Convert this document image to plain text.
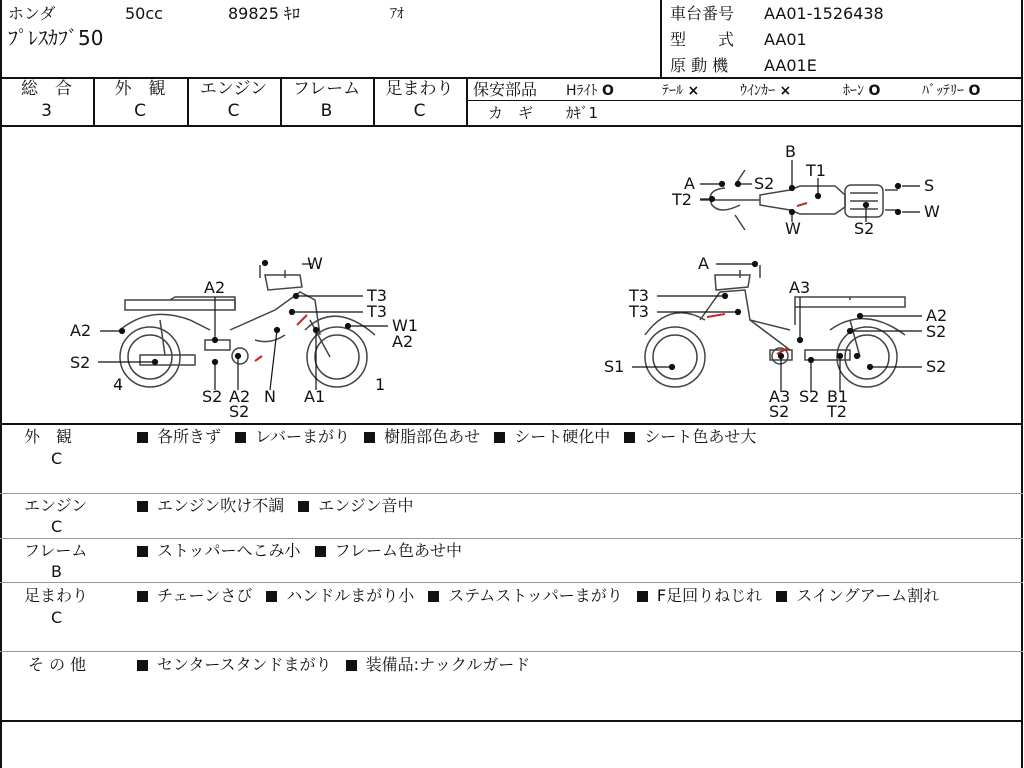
ホンダ	50cc	89825 ｷﾛ	ｱｵ
ﾌﾟﾚｽｶﾌﾞ50
車台番号 AA01-1526438
型　　式 AA01
原 動 機 AA01E
総　合
3
外　観
C
エンジン
C
フレーム
B
足まわり
C
保安部品 Hﾗｲﾄ O	ﾃｰﾙ ×	ｳｲﾝｶｰ ×	ﾎｰﾝ O	ﾊﾞｯﾃﾘｰ O
カ　ギ ｶｷﾞ1
B
T1
A	S2	S
T2
W
W	S2
W
A2	T3
T3
W1
A2
A2
S2
4	1
S2 A2
S2
N A1
A
T3
T3
A3
A2
S2
S1	S2
A3 S2 B1
S2 T2
外　観
C
各所きず レバーまがり 樹脂部色あせ シート硬化中 シート色あせ大
エンジン
C
エンジン吹け不調 エンジン音中
フレーム
B
ストッパーへこみ小 フレーム色あせ中
足まわり
C
チェーンさび ハンドルまがり小 ステムストッパーまがり F足回りねじれ スイングアーム割れ
そ の 他	センタースタンドまがり 装備品:ナックルガード
